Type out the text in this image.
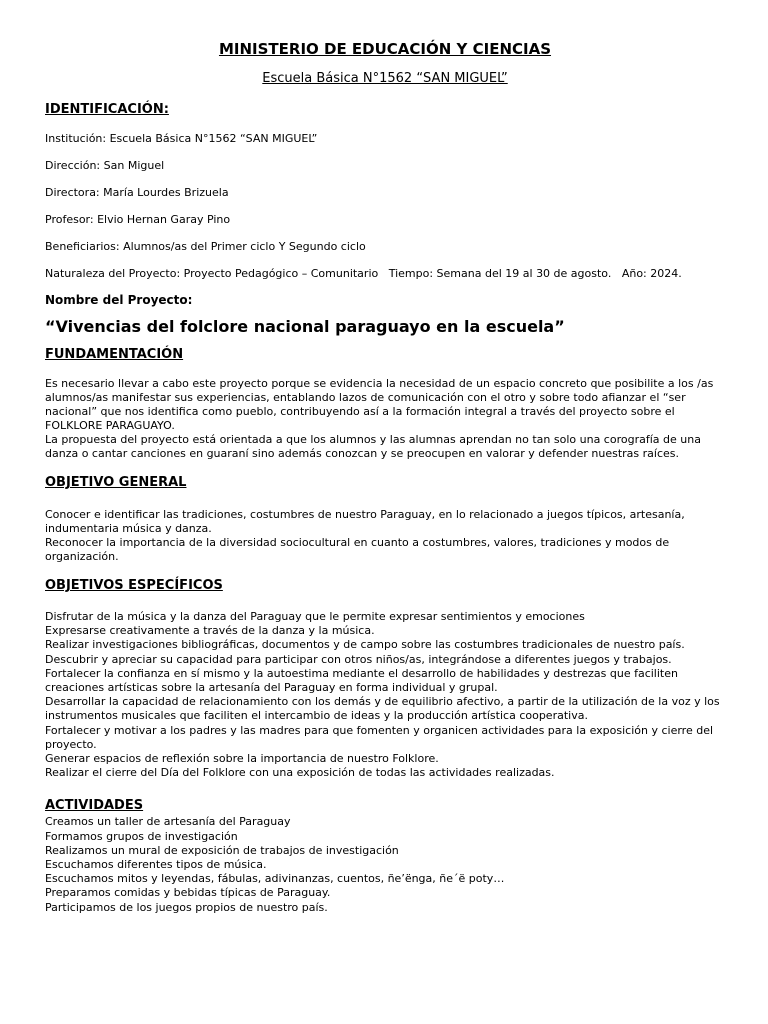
MINISTERIO DE EDUCACIÓN Y CIENCIAS

Escuela Básica N°1562 “SAN MIGUEL”

IDENTIFICACIÓN:

Institución: Escuela Básica N°1562 “SAN MIGUEL”

Dirección: San Miguel

Directora: María Lourdes Brizuela

Profesor: Elvio Hernan Garay Pino

Beneficiarios: Alumnos/as del Primer ciclo Y Segundo ciclo

Naturaleza del Proyecto: Proyecto Pedagógico – Comunitario   Tiempo: Semana del 19 al 30 de agosto.   Año: 2024.

Nombre del Proyecto:

“Vivencias del folclore nacional paraguayo en la escuela”

FUNDAMENTACIÓN

Es necesario llevar a cabo este proyecto porque se evidencia la necesidad de un espacio concreto que posibilite a los /as alumnos/as manifestar sus experiencias, entablando lazos de comunicación con el otro y sobre todo afianzar el “ser nacional” que nos identifica como pueblo, contribuyendo así a la formación integral a través del proyecto sobre el FOLKLORE PARAGUAYO.

La propuesta del proyecto está orientada a que los alumnos y las alumnas aprendan no tan solo una corografía de una danza o cantar canciones en guaraní sino además conozcan y se preocupen en valorar y defender nuestras raíces.

OBJETIVO GENERAL

Conocer e identificar las tradiciones, costumbres de nuestro Paraguay, en lo relacionado a juegos típicos, artesanía, indumentaria música y danza.

Reconocer la importancia de la diversidad sociocultural en cuanto a costumbres, valores, tradiciones y modos de organización.

OBJETIVOS ESPECÍFICOS

Disfrutar de la música y la danza del Paraguay que le permite expresar sentimientos y emociones

Expresarse creativamente a través de la danza y la música.

Realizar investigaciones bibliográficas, documentos y de campo sobre las costumbres tradicionales de nuestro país.

Descubrir y apreciar su capacidad para participar con otros niños/as, integrándose a diferentes juegos y trabajos.

Fortalecer la confianza en sí mismo y la autoestima mediante el desarrollo de habilidades y destrezas que faciliten creaciones artísticas sobre la artesanía del Paraguay en forma individual y grupal.

Desarrollar la capacidad de relacionamiento con los demás y de equilibrio afectivo, a partir de la utilización de la voz y los instrumentos musicales que faciliten el intercambio de ideas y la producción artística cooperativa.

Fortalecer y motivar a los padres y las madres para que fomenten y organicen actividades para la exposición y cierre del proyecto.

Generar espacios de reflexión sobre la importancia de nuestro Folklore.

Realizar el cierre del Día del Folklore con una exposición de todas las actividades realizadas.

ACTIVIDADES

Creamos un taller de artesanía del Paraguay

Formamos grupos de investigación

Realizamos un mural de exposición de trabajos de investigación

Escuchamos diferentes tipos de música.

Escuchamos mitos y leyendas, fábulas, adivinanzas, cuentos, ñe’ënga, ñe´ë poty…

Preparamos comidas y bebidas típicas de Paraguay.

Participamos de los juegos propios de nuestro país.
